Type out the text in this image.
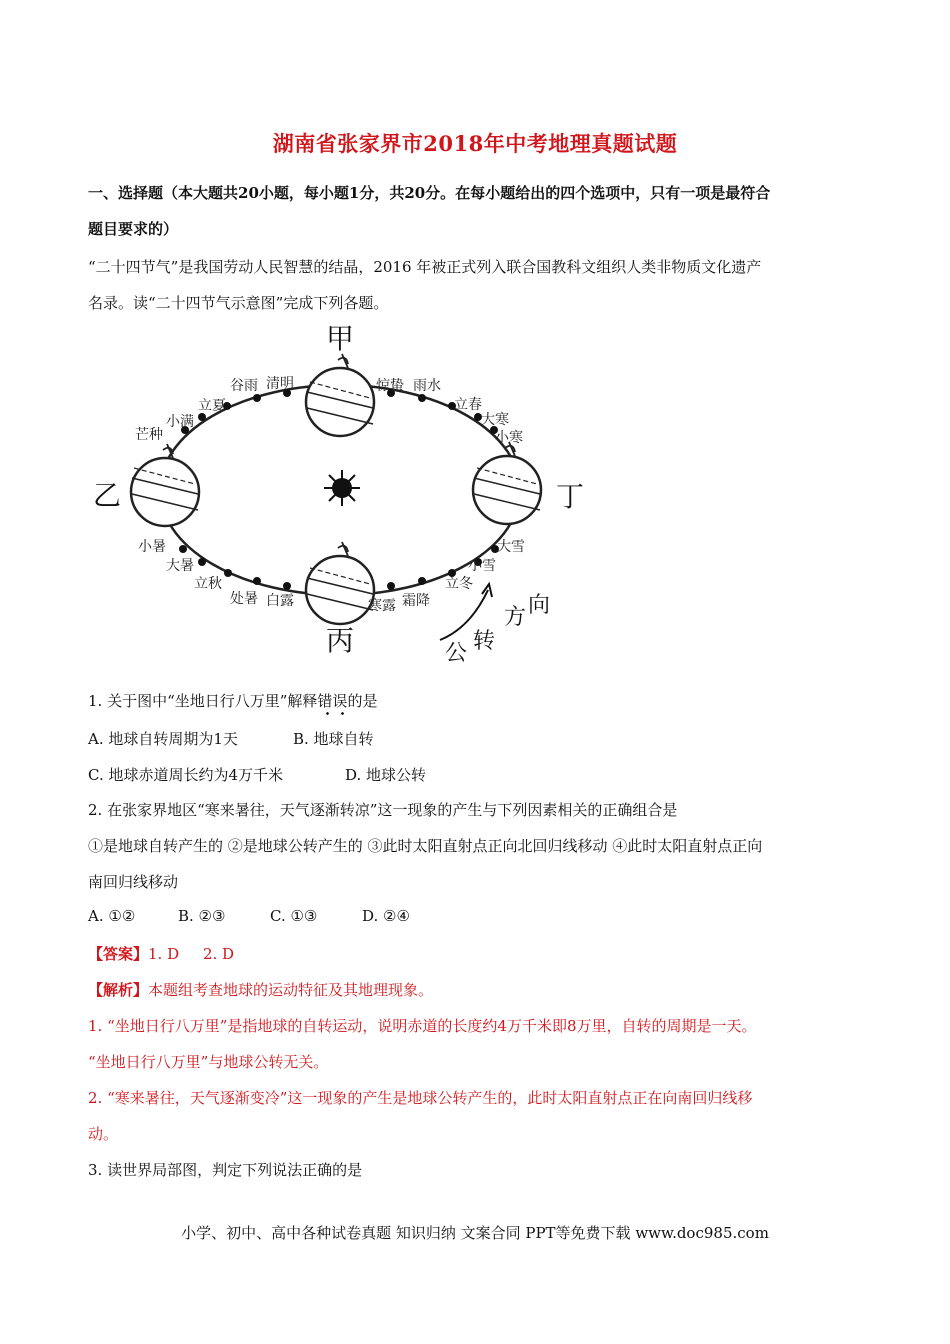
湖南省张家界市2018年中考地理真题试题
一、选择题（本大题共20小题，每小题1分，共20分。在每小题给出的四个选项中，只有一项是最符合
题目要求的）
“二十四节气”是我国劳动人民智慧的结晶，2016 年被正式列入联合国教科文组织人类非物质文化遗产
名录。读“二十四节气示意图”完成下列各题。
甲
乙
丙
丁
谷雨 清明
立夏
小满
芒种
惊蛰 雨水
立春
大寒
小寒
小暑
大暑
立秋
处暑 白露	寒露 霜降
立冬
小雪
大雪
公 转
方 向
1. 关于图中“坐地日行八万里”解释错误的是
A. 地球自转周期为1天	B. 地球自转
C. 地球赤道周长约为4万千米	D. 地球公转
2. 在张家界地区“寒来暑往，天气逐渐转凉”这一现象的产生与下列因素相关的正确组合是
①是地球自转产生的 ②是地球公转产生的 ③此时太阳直射点正向北回归线移动 ④此时太阳直射点正向
南回归线移动
A. ①②	B. ②③	C. ①③	D. ②④
【答案】1. D     2. D
【解析】本题组考查地球的运动特征及其地理现象。
1. “坐地日行八万里”是指地球的自转运动，说明赤道的长度约4万千米即8万里，自转的周期是一天。
“坐地日行八万里”与地球公转无关。
2. “寒来暑往，天气逐渐变冷”这一现象的产生是地球公转产生的，此时太阳直射点正在向南回归线移
动。
3. 读世界局部图，判定下列说法正确的是
小学、初中、高中各种试卷真题 知识归纳 文案合同 PPT等免费下载 www.doc985.com
